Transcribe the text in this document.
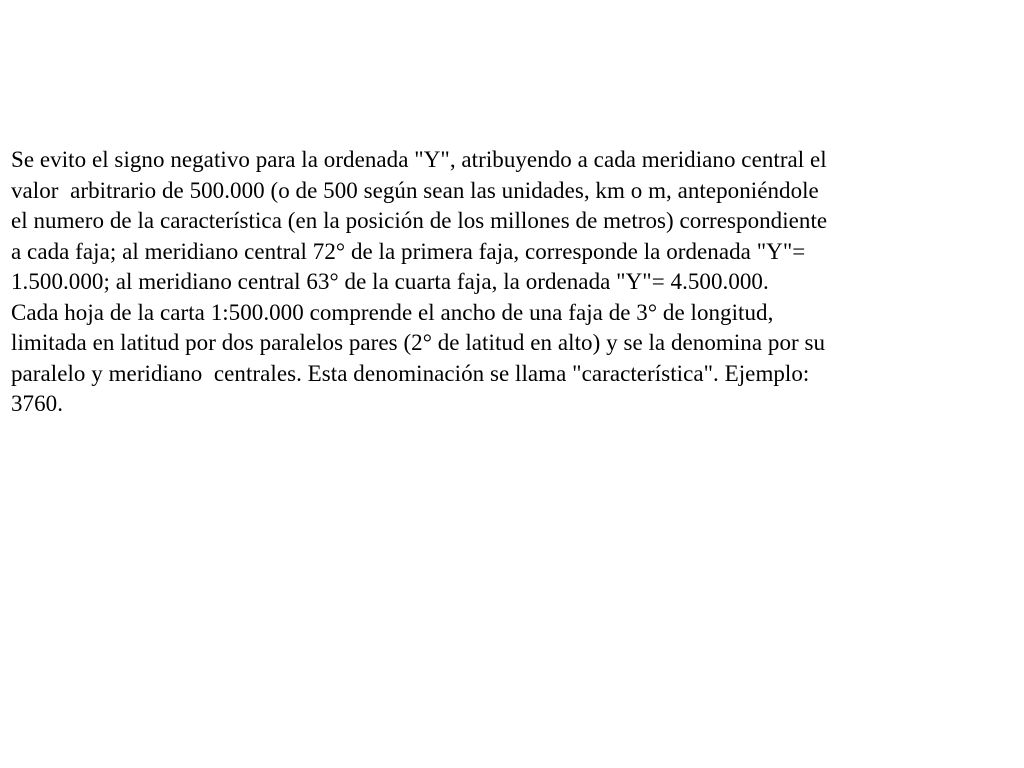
Se evito el signo negativo para la ordenada "Y", atribuyendo a cada meridiano central el
valor  arbitrario de 500.000 (o de 500 según sean las unidades, km o m, anteponiéndole
el numero de la característica (en la posición de los millones de metros) correspondiente
a cada faja; al meridiano central 72° de la primera faja, corresponde la ordenada "Y"=
1.500.000; al meridiano central 63° de la cuarta faja, la ordenada "Y"= 4.500.000.
Cada hoja de la carta 1:500.000 comprende el ancho de una faja de 3° de longitud,
limitada en latitud por dos paralelos pares (2° de latitud en alto) y se la denomina por su
paralelo y meridiano  centrales. Esta denominación se llama "característica". Ejemplo:
3760.
